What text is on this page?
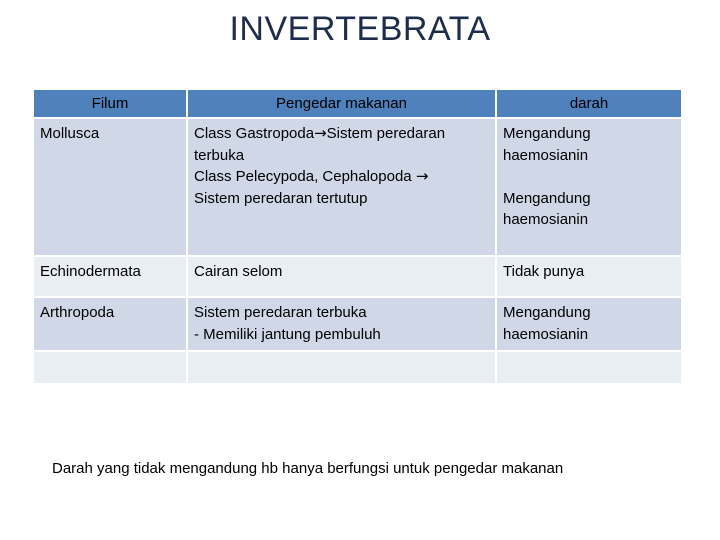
INVERTEBRATA
Filum	Pengedar makanan	darah
Mollusca	Class Gastropoda→Sistem peredaran
terbuka
Class Pelecypoda, Cephalopoda →
Sistem peredaran tertutup	Mengandung
haemosianin
Mengandung
haemosianin

Echinodermata	Cairan selom	Tidak punya

Arthropoda	Sistem peredaran terbuka
- Memiliki jantung pembuluh	Mengandung
haemosianin

Darah yang tidak mengandung hb hanya berfungsi untuk pengedar makanan
